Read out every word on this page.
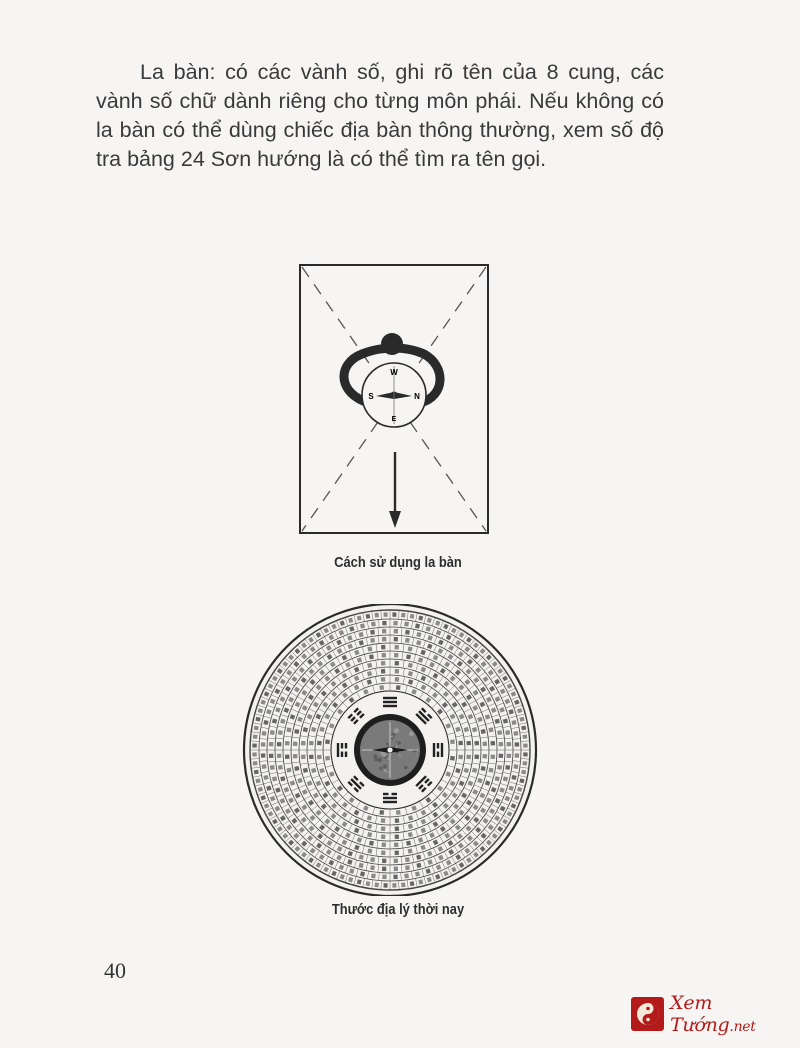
La bàn: có các vành số, ghi rõ tên của 8 cung, các vành số chữ dành riêng cho từng môn phái. Nếu không có la bàn có thể dùng chiếc địa bàn thông thường, xem số độ tra bảng 24 Sơn hướng là có thể tìm ra tên gọi.

W
N
E
S
Cách sử dụng la bàn
Thước địa lý thời nay
40
Xem Tướng.net
